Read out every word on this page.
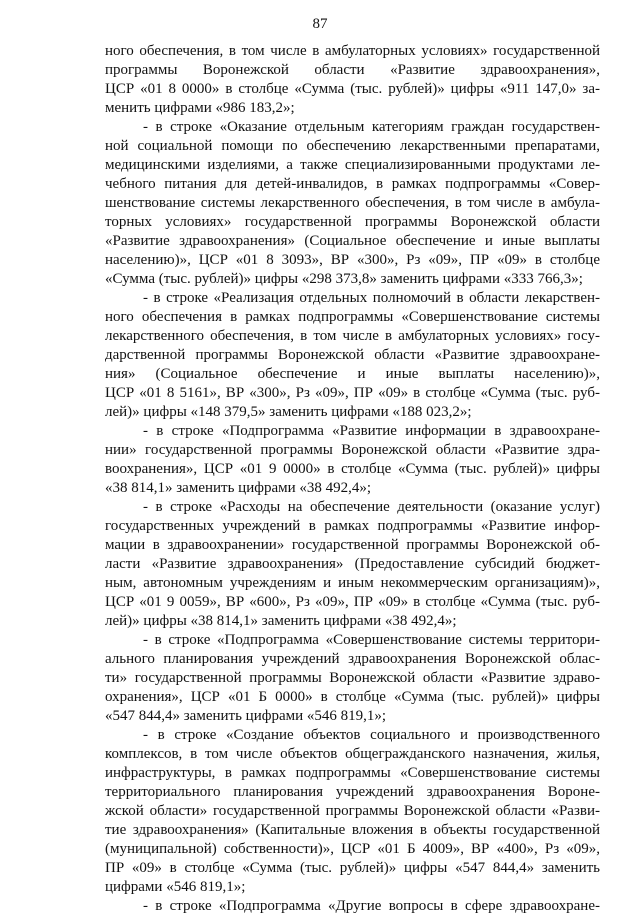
87
ного обеспечения, в том числе в амбулаторных условиях» государственной
программы Воронежской области «Развитие здравоохранения»,
ЦСР «01 8 0000» в столбце «Сумма (тыс. рублей)» цифры «911 147,0» за-
менить цифрами «986 183,2»;
- в строке «Оказание отдельным категориям граждан государствен-
ной социальной помощи по обеспечению лекарственными препаратами,
медицинскими изделиями, а также специализированными продуктами ле-
чебного питания для детей-инвалидов, в рамках подпрограммы «Совер-
шенствование системы лекарственного обеспечения, в том числе в амбула-
торных условиях» государственной программы Воронежской области
«Развитие здравоохранения» (Социальное обеспечение и иные выплаты
населению)», ЦСР «01 8 3093», ВР «300», Рз «09», ПР «09» в столбце
«Сумма (тыс. рублей)» цифры «298 373,8» заменить цифрами «333 766,3»;
- в строке «Реализация отдельных полномочий в области лекарствен-
ного обеспечения в рамках подпрограммы «Совершенствование системы
лекарственного обеспечения, в том числе в амбулаторных условиях» госу-
дарственной программы Воронежской области «Развитие здравоохране-
ния» (Социальное обеспечение и иные выплаты населению)»,
ЦСР «01 8 5161», ВР «300», Рз «09», ПР «09» в столбце «Сумма (тыс. руб-
лей)» цифры «148 379,5» заменить цифрами «188 023,2»;
- в строке «Подпрограмма «Развитие информации в здравоохране-
нии» государственной программы Воронежской области «Развитие здра-
воохранения», ЦСР «01 9 0000» в столбце «Сумма (тыс. рублей)» цифры
«38 814,1» заменить цифрами «38 492,4»;
- в строке «Расходы на обеспечение деятельности (оказание услуг)
государственных учреждений в рамках подпрограммы «Развитие инфор-
мации в здравоохранении» государственной программы Воронежской об-
ласти «Развитие здравоохранения» (Предоставление субсидий бюджет-
ным, автономным учреждениям и иным некоммерческим организациям)»,
ЦСР «01 9 0059», ВР «600», Рз «09», ПР «09» в столбце «Сумма (тыс. руб-
лей)» цифры «38 814,1» заменить цифрами «38 492,4»;
- в строке «Подпрограмма «Совершенствование системы территори-
ального планирования учреждений здравоохранения Воронежской облас-
ти» государственной программы Воронежской области «Развитие здраво-
охранения», ЦСР «01 Б 0000» в столбце «Сумма (тыс. рублей)» цифры
«547 844,4» заменить цифрами «546 819,1»;
- в строке «Создание объектов социального и производственного
комплексов, в том числе объектов общегражданского назначения, жилья,
инфраструктуры, в рамках подпрограммы «Совершенствование системы
территориального планирования учреждений здравоохранения Вороне-
жской области» государственной программы Воронежской области «Разви-
тие здравоохранения» (Капитальные вложения в объекты государственной
(муниципальной) собственности)», ЦСР «01 Б 4009», ВР «400», Рз «09»,
ПР «09» в столбце «Сумма (тыс. рублей)» цифры «547 844,4» заменить
цифрами «546 819,1»;
- в строке «Подпрограмма «Другие вопросы в сфере здравоохране-
